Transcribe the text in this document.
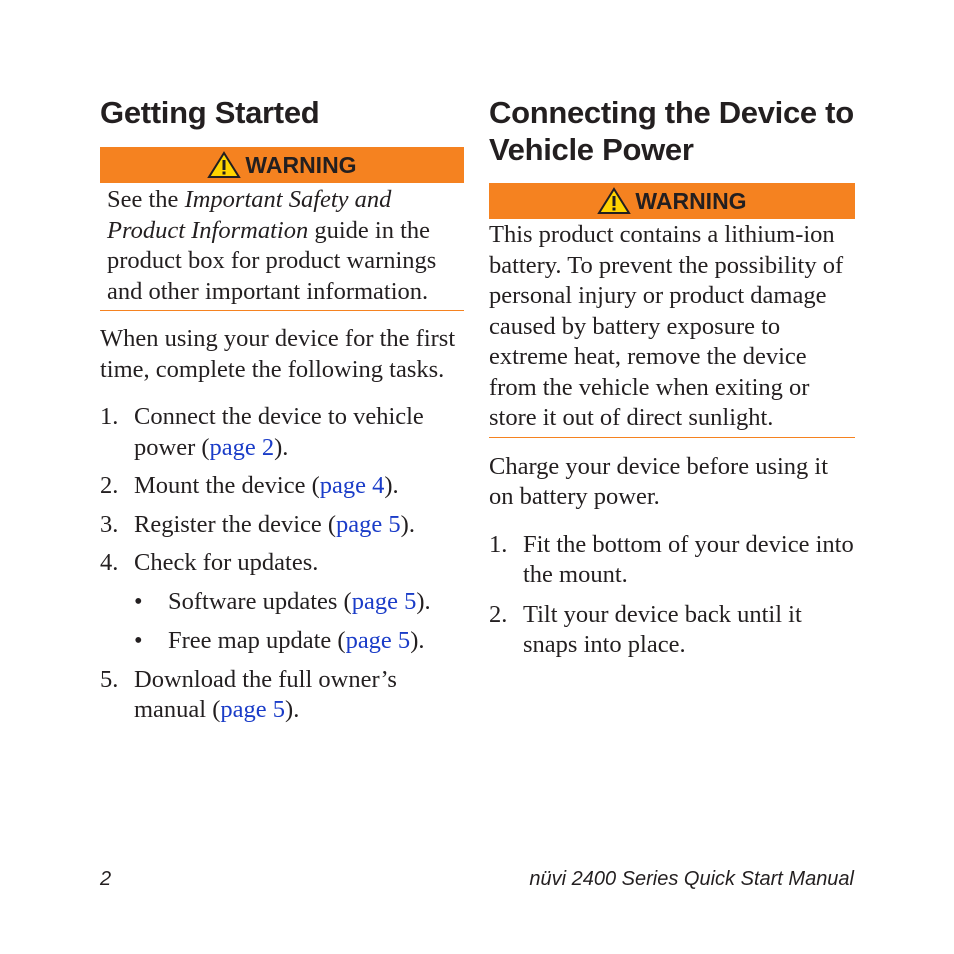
Getting Started
WARNING
See the Important Safety and Product Information guide in the product box for product warnings and other important information.

When using your device for the first time, complete the following tasks.

1. Connect the device to vehicle power (page 2).
2. Mount the device (page 4).
3. Register the device (page 5).
4. Check for updates.
•	Software updates (page 5).
•	Free map update (page 5).
5. Download the full owner’s manual (page 5).
Connecting the Device to Vehicle Power
WARNING
This product contains a lithium-ion battery. To prevent the possibility of personal injury or product damage caused by battery exposure to extreme heat, remove the device from the vehicle when exiting or store it out of direct sunlight.

Charge your device before using it on battery power.

1. Fit the bottom of your device into the mount.
2. Tilt your device back until it snaps into place.
2	nüvi 2400 Series Quick Start Manual
